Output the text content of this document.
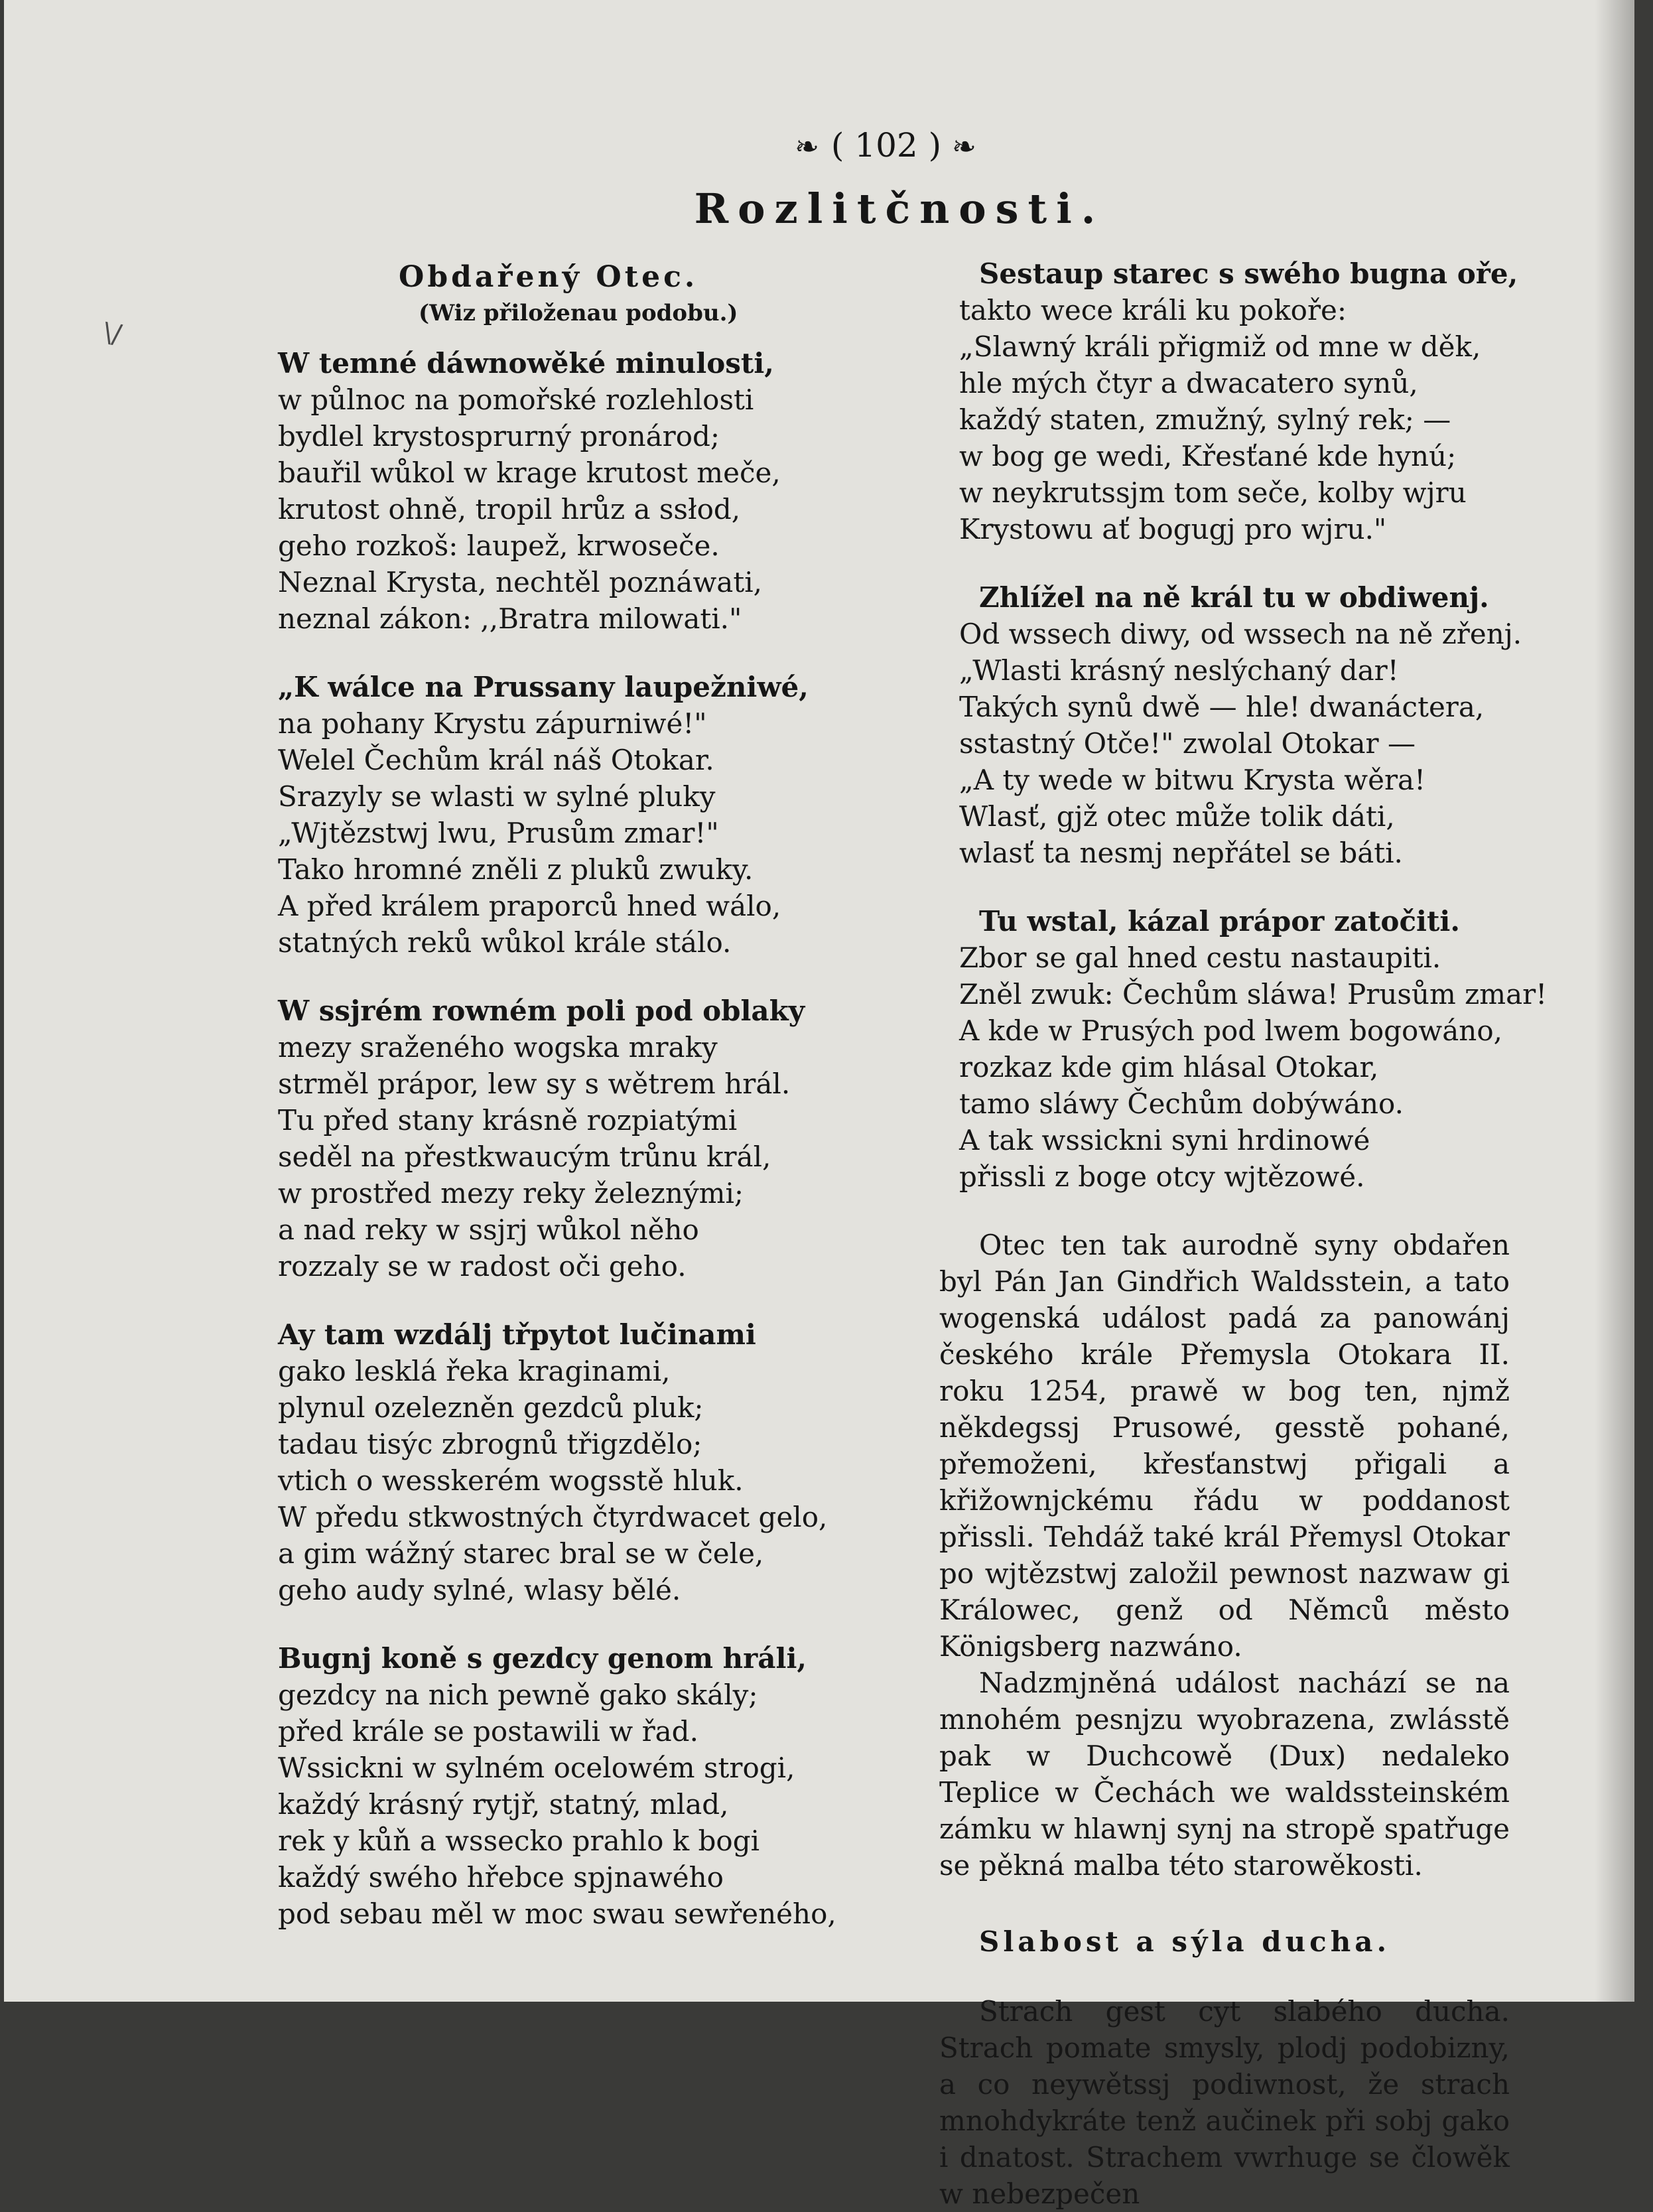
\/
❧ ( 102 ) ❧
Rozlitčnosti.

Obdařený Otec.

(Wiz přiloženau podobu.)

W temné dáwnowěké minulosti,

w půlnoc na pomořské rozlehlosti

bydlel krystosprurný pronárod;

bauřil wůkol w krage krutost meče,

krutost ohně, tropil hrůz a ssłod,

geho rozkoš: laupež, krwoseče.

Neznal Krysta, nechtěl poznáwati,

neznal zákon: ,,Bratra milowati."

„K wálce na Prussany laupežniwé,

na pohany Krystu zápurniwé!"

Welel Čechům král náš Otokar.

Srazyly se wlasti w sylné pluky

„Wjtězstwj lwu, Prusům zmar!"

Tako hromné zněli z pluků zwuky.

A před králem praporců hned wálo,

statných reků wůkol krále stálo.

W ssjrém rowném poli pod oblaky

mezy sraženého wogska mraky

strměl prápor, lew sy s wětrem hrál.

Tu před stany krásně rozpiatými

seděl na přestkwaucým trůnu král,

w prostřed mezy reky železnými;

a nad reky w ssjrj wůkol něho

rozzaly se w radost oči geho.

Ay tam wzdálj třpytot lučinami

gako lesklá řeka kraginami,

plynul ozelezněn gezdců pluk;

tadau tisýc zbrognů třigzdělo;

vtich o wesskerém wogsstě hluk.

W předu stkwostných čtyrdwacet gelo,

a gim wážný starec bral se w čele,

geho audy sylné, wlasy bělé.

Bugnj koně s gezdcy genom hráli,

gezdcy na nich pewně gako skály;

před krále se postawili w řad.

Wssickni w sylném ocelowém strogi,

každý krásný rytjř, statný, mlad,

rek y kůň a wssecko prahlo k bogi

každý swého hřebce spjnawého

pod sebau měl w moc swau sewřeného,

Sestaup starec s swého bugna oře,

takto wece králi ku pokoře:

„Slawný králi přigmiž od mne w děk,

hle mých čtyr a dwacatero synů,

každý staten, zmužný, sylný rek; —

w bog ge wedi, Křesťané kde hynú;

w neykrutssjm tom seče, kolby wjru

Krystowu ať bogugj pro wjru."

Zhlížel na ně král tu w obdiwenj.

Od wssech diwy, od wssech na ně zřenj.

„Wlasti krásný neslýchaný dar!

Takých synů dwě — hle! dwanáctera,

sstastný Otče!" zwolal Otokar —

„A ty wede w bitwu Krysta wěra!

Wlasť, gjž otec může tolik dáti,

wlasť ta nesmj nepřátel se báti.

Tu wstal, kázal prápor zatočiti.

Zbor se gal hned cestu nastaupiti.

Zněl zwuk: Čechům sláwa! Prusům zmar!

A kde w Prusých pod lwem bogowáno,

rozkaz kde gim hlásal Otokar,

tamo sláwy Čechům dobýwáno.

A tak wssickni syni hrdinowé

přissli z boge otcy wjtězowé.

Otec ten tak aurodně syny obdařen byl Pán Jan Gindřich Waldsstein, a tato wogenská událost padá za panowánj českého krále Přemysla Otokara II. roku 1254, prawě w bog ten, njmž někdegssj Prusowé, gesstě pohané, přemoženi, křesťanstwj přigali a křižownjckému řádu w poddanost přissli. Tehdáž také král Přemysl Otokar po wjtězstwj založil pewnost nazwaw gi Králowec, genž od Němců město Königsberg nazwáno.

Nadzmjněná událost nachází se na mnohém pesnjzu wyobrazena, zwlásstě pak w Duchcowě (Dux) nedaleko Teplice w Čechách we waldssteinském zámku w hlawnj synj na stropě spatřuge se pěkná malba této starowěkosti.

Slabost a sýla ducha.

Strach gest cyt slabého ducha. Strach pomate smysly, plodj podobizny, a co neywětssj podiwnost, že strach mnohdykráte tenž aučinek při sobj gako i dnatost. Strachem vwrhuge se člowěk w nebezpečen
